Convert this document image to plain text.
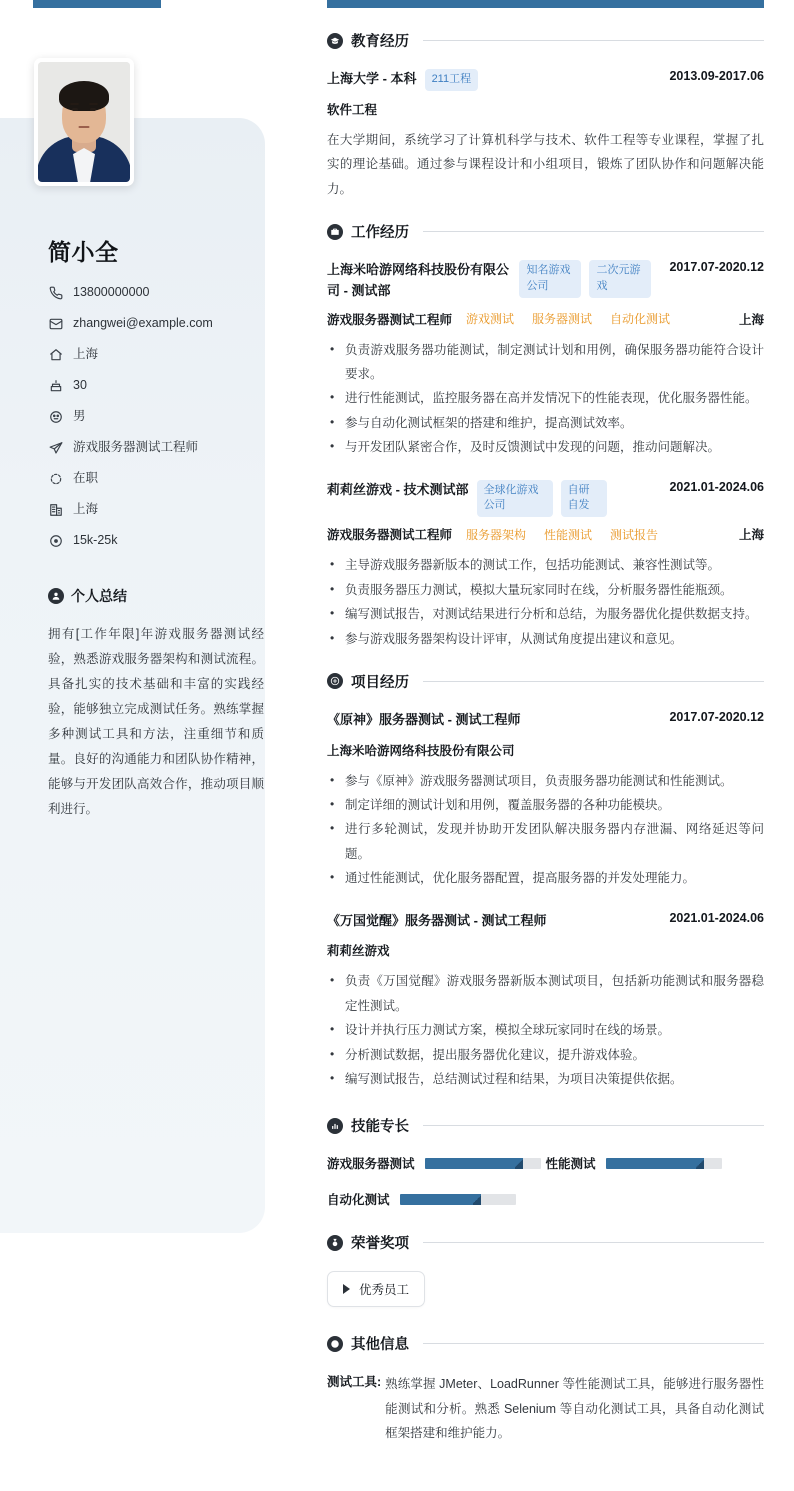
简小全
13800000000
zhangwei@example.com
上海
30
男
游戏服务器测试工程师
在职
上海
15k-25k
个人总结

拥有[工作年限]年游戏服务器测试经验，熟悉游戏服务器架构和测试流程。具备扎实的技术基础和丰富的实践经验，能够独立完成测试任务。熟练掌握多种测试工具和方法，注重细节和质量。良好的沟通能力和团队协作精神，能够与开发团队高效合作，推动项目顺利进行。

教育经历
上海大学 - 本科	211工程	2013.09-2017.06
软件工程

在大学期间，系统学习了计算机科学与技术、软件工程等专业课程，掌握了扎实的理论基础。通过参与课程设计和小组项目，锻炼了团队协作和问题解决能力。

工作经历
上海米哈游网络科技股份有限公司 - 测试部
知名游戏公司
二次元游戏
2017.07-2020.12
游戏服务器测试工程师 游戏测试 服务器测试 自动化测试	上海
• 负责游戏服务器功能测试，制定测试计划和用例，确保服务器功能符合设计要求。
• 进行性能测试，监控服务器在高并发情况下的性能表现，优化服务器性能。
• 参与自动化测试框架的搭建和维护，提高测试效率。
• 与开发团队紧密合作，及时反馈测试中发现的问题，推动问题解决。
莉莉丝游戏 - 技术测试部	全球化游戏公司
自研自发
2021.01-2024.06
游戏服务器测试工程师 服务器架构 性能测试 测试报告	上海
• 主导游戏服务器新版本的测试工作，包括功能测试、兼容性测试等。
• 负责服务器压力测试，模拟大量玩家同时在线，分析服务器性能瓶颈。
• 编写测试报告，对测试结果进行分析和总结，为服务器优化提供数据支持。
• 参与游戏服务器架构设计评审，从测试角度提出建议和意见。
项目经历
《原神》服务器测试 - 测试工程师	2017.07-2020.12
上海米哈游网络科技股份有限公司
• 参与《原神》游戏服务器测试项目，负责服务器功能测试和性能测试。
• 制定详细的测试计划和用例，覆盖服务器的各种功能模块。
• 进行多轮测试，发现并协助开发团队解决服务器内存泄漏、网络延迟等问题。
• 通过性能测试，优化服务器配置，提高服务器的并发处理能力。
《万国觉醒》服务器测试 - 测试工程师	2021.01-2024.06
莉莉丝游戏
• 负责《万国觉醒》游戏服务器新版本测试项目，包括新功能测试和服务器稳定性测试。
• 设计并执行压力测试方案，模拟全球玩家同时在线的场景。
• 分析测试数据，提出服务器优化建议，提升游戏体验。
• 编写测试报告，总结测试过程和结果，为项目决策提供依据。
技能专长
游戏服务器测试	性能测试
自动化测试
荣誉奖项
优秀员工
其他信息
测试工具: 熟练掌握 JMeter、LoadRunner 等性能测试工具，能够进行服务器性能测试和分析。熟悉 Selenium 等自动化测试工具，具备自动化测试框架搭建和维护能力。
